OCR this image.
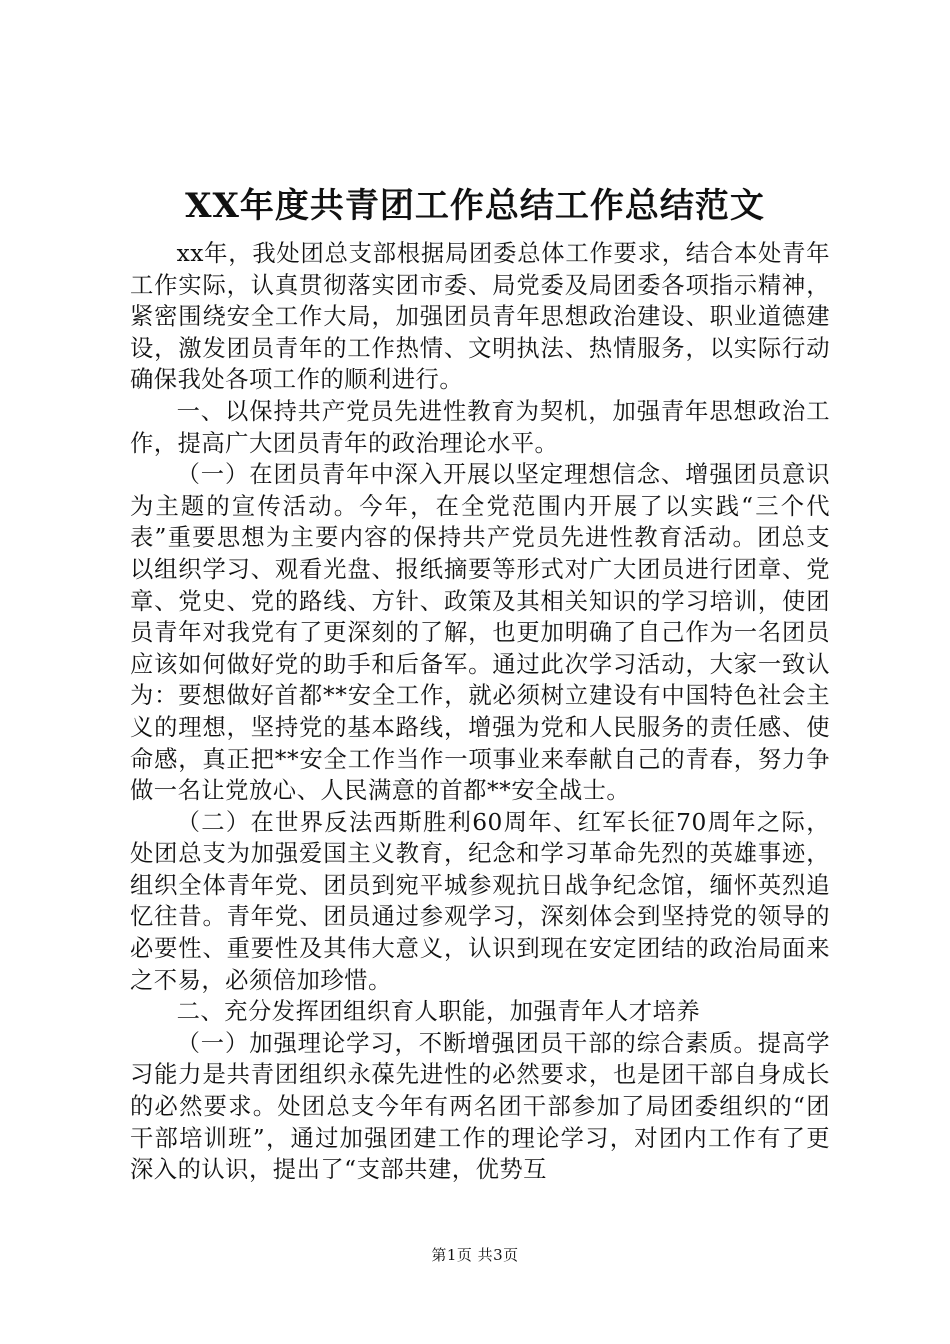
XX年度共青团工作总结工作总结范文

xx年，我处团总支部根据局团委总体工作要求，结合本处青年工作实际，认真贯彻落实团市委、局党委及局团委各项指示精神，紧密围绕安全工作大局，加强团员青年思想政治建设、职业道德建设，激发团员青年的工作热情、文明执法、热情服务，以实际行动确保我处各项工作的顺利进行。

一、以保持共产党员先进性教育为契机，加强青年思想政治工作，提高广大团员青年的政治理论水平。

（一）在团员青年中深入开展以坚定理想信念、增强团员意识为主题的宣传活动。今年，在全党范围内开展了以实践“三个代表”重要思想为主要内容的保持共产党员先进性教育活动。团总支以组织学习、观看光盘、报纸摘要等形式对广大团员进行团章、党章、党史、党的路线、方针、政策及其相关知识的学习培训，使团员青年对我党有了更深刻的了解，也更加明确了自己作为一名团员应该如何做好党的助手和后备军。通过此次学习活动，大家一致认为：要想做好首都**安全工作，就必须树立建设有中国特色社会主义的理想，坚持党的基本路线，增强为党和人民服务的责任感、使命感，真正把**安全工作当作一项事业来奉献自己的青春，努力争做一名让党放心、人民满意的首都**安全战士。

（二）在世界反法西斯胜利60周年、红军长征70周年之际，处团总支为加强爱国主义教育，纪念和学习革命先烈的英雄事迹，组织全体青年党、团员到宛平城参观抗日战争纪念馆，缅怀英烈追忆往昔。青年党、团员通过参观学习，深刻体会到坚持党的领导的必要性、重要性及其伟大意义，认识到现在安定团结的政治局面来之不易，必须倍加珍惜。

二、充分发挥团组织育人职能，加强青年人才培养

（一）加强理论学习，不断增强团员干部的综合素质。提高学习能力是共青团组织永葆先进性的必然要求，也是团干部自身成长的必然要求。处团总支今年有两名团干部参加了局团委组织的“团干部培训班”，通过加强团建工作的理论学习，对团内工作有了更深入的认识，提出了“支部共建，优势互

第1页 共3页
